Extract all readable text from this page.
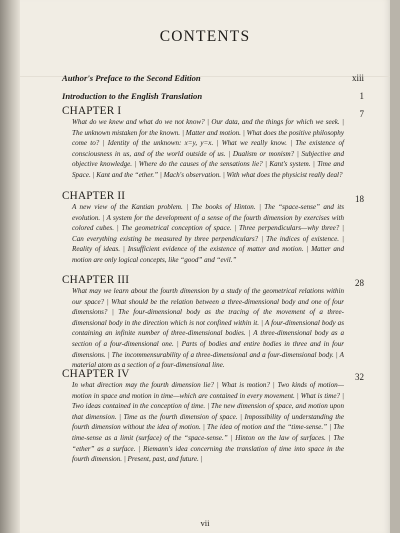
CONTENTS
Author's Preface to the Second Edition	xiii
Introduction to the English Translation	1
CHAPTER I	7
What do we knew and what do we not know? | Our data, and the things for which we seek. | The unknown mistaken for the known. | Matter and motion. | What does the positive philosophy come to? | Identity of the unknown: x=y, y=x. | What we really know. | The existence of consciousness in us, and of the world outside of us. | Dualism or monism? | Subjective and objective knowledge. | Where do the causes of the sensations lie? | Kant's system. | Time and Space. | Kant and the “ether.” | Mach's observation. | With what does the physicist really deal?
CHAPTER II	18
A new view of the Kantian problem. | The books of Hinton. | The “space-sense” and its evolution. | A system for the development of a sense of the fourth dimension by exercises with colored cubes. | The geometrical conception of space. | Three perpendiculars—why three? | Can everything existing be measured by three perpendiculars? | The indices of existence. | Reality of ideas. | Insufficient evidence of the existence of matter and motion. | Matter and motion are only logical concepts, like “good” and “evil.”
CHAPTER III	28
What may we learn about the fourth dimension by a study of the geometrical relations within our space? | What should be the relation between a three-dimensional body and one of four dimensions? | The four-dimensional body as the tracing of the movement of a three-dimensional body in the direction which is not confined within it. | A four-dimensional body as containing an infinite number of three-dimensional bodies. | A three-dimensional body as a section of a four-dimensional one. | Parts of bodies and entire bodies in three and in four dimensions. | The incommensurability of a three-dimensional and a four-dimensional body. | A material atom as a section of a four-dimensional line.
CHAPTER IV	32
In what direction may the fourth dimension lie? | What is motion? | Two kinds of motion—motion in space and motion in time—which are contained in every movement. | What is time? | Two ideas contained in the conception of time. | The new dimension of space, and motion upon that dimension. | Time as the fourth dimension of space. | Impossibility of understanding the fourth dimension without the idea of motion. | The idea of motion and the “time-sense.” | The time-sense as a limit (surface) of the “space-sense.” | Hinton on the law of surfaces. | The “ether” as a surface. | Riemann's idea concerning the translation of time into space in the fourth dimension. | Present, past, and future. |
vii
